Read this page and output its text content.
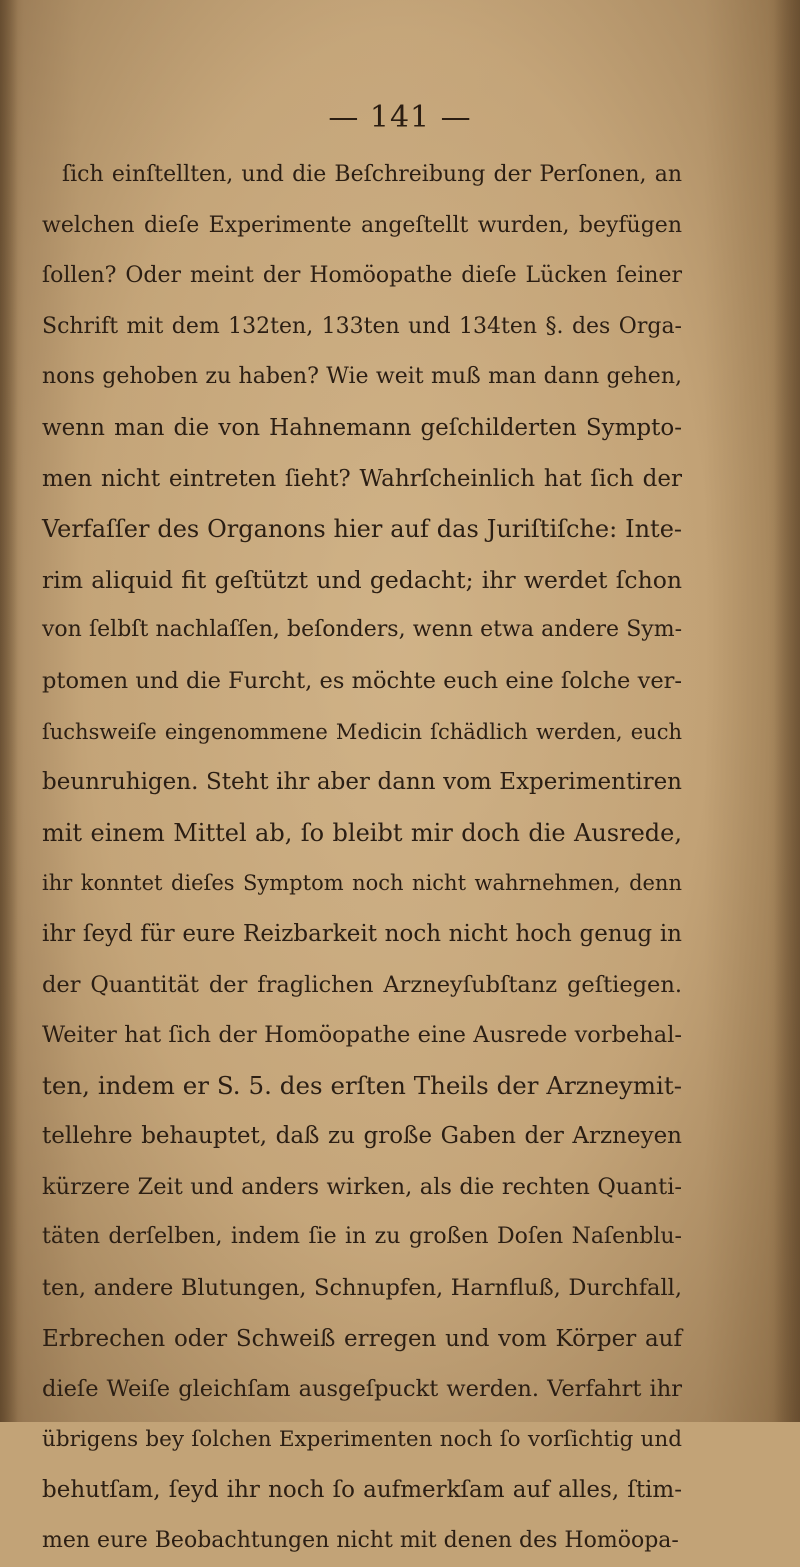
— 141 —
ſich einſtellten, und die Beſchreibung der Perſonen, an
welchen dieſe Experimente angeſtellt wurden, beyfügen
ſollen? Oder meint der Homöopathe dieſe Lücken ſeiner
Schrift mit dem 132ten, 133ten und 134ten §. des Orga-
nons gehoben zu haben? Wie weit muß man dann gehen,
wenn man die von Hahnemann geſchilderten Sympto-
men nicht eintreten ſieht? Wahrſcheinlich hat ſich der
Verfaſſer des Organons hier auf das Juriſtiſche: Inte-
rim aliquid fit geſtützt und gedacht; ihr werdet ſchon
von ſelbſt nachlaſſen, beſonders, wenn etwa andere Sym-
ptomen und die Furcht, es möchte euch eine ſolche ver-
ſuchsweiſe eingenommene Medicin ſchädlich werden, euch
beunruhigen. Steht ihr aber dann vom Experimentiren
mit einem Mittel ab, ſo bleibt mir doch die Ausrede,
ihr konntet dieſes Symptom noch nicht wahrnehmen, denn
ihr ſeyd für eure Reizbarkeit noch nicht hoch genug in
der Quantität der fraglichen Arzneyſubſtanz geſtiegen.
Weiter hat ſich der Homöopathe eine Ausrede vorbehal-
ten, indem er S. 5. des erſten Theils der Arzneymit-
tellehre behauptet, daß zu große Gaben der Arzneyen
kürzere Zeit und anders wirken, als die rechten Quanti-
täten derſelben, indem ſie in zu großen Doſen Naſenblu-
ten, andere Blutungen, Schnupfen, Harnfluß, Durchfall,
Erbrechen oder Schweiß erregen und vom Körper auf
dieſe Weiſe gleichſam ausgeſpuckt werden. Verfahrt ihr
übrigens bey ſolchen Experimenten noch ſo vorſichtig und
behutſam, ſeyd ihr noch ſo aufmerkſam auf alles, ſtim-
men eure Beobachtungen nicht mit denen des Homöopa-
